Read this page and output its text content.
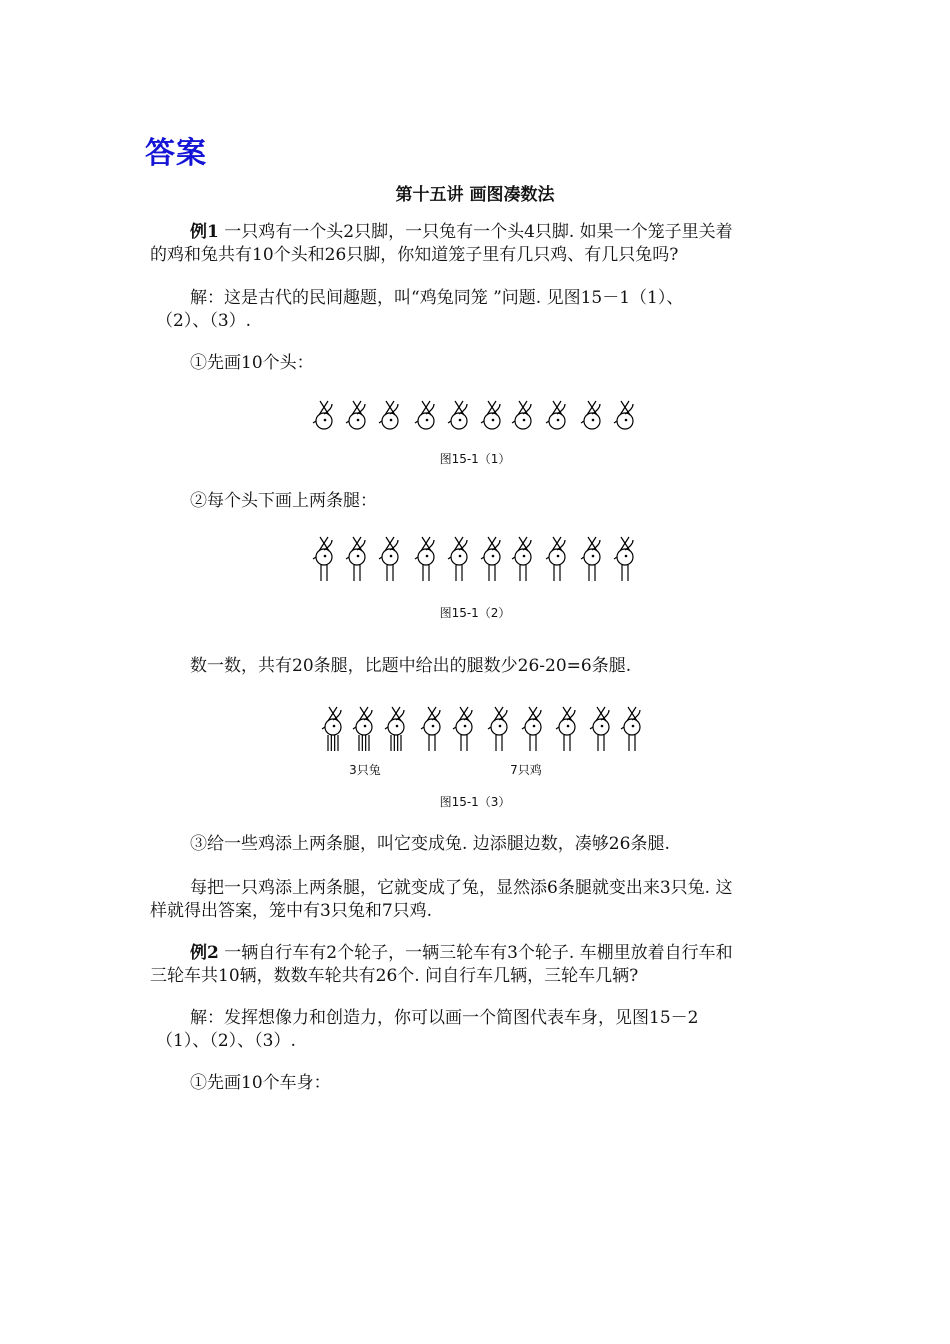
答案
第十五讲 画图凑数法
例1 一只鸡有一个头2只脚，一只兔有一个头4只脚. 如果一个笼子里关着
的鸡和兔共有10个头和26只脚，你知道笼子里有几只鸡、有几只兔吗?
解：这是古代的民间趣题，叫“鸡兔同笼 ”问题. 见图15－1（1）、
（2）、（3）.
①先画10个头：
图15-1（1）
②每个头下画上两条腿：
图15-1（2）
数一数，共有20条腿，比题中给出的腿数少26-20=6条腿.
3只兔	7只鸡
图15-1（3）
③给一些鸡添上两条腿，叫它变成兔. 边添腿边数，凑够26条腿.
每把一只鸡添上两条腿，它就变成了兔，显然添6条腿就变出来3只兔. 这
样就得出答案，笼中有3只兔和7只鸡.
例2 一辆自行车有2个轮子，一辆三轮车有3个轮子. 车棚里放着自行车和
三轮车共10辆，数数车轮共有26个. 问自行车几辆，三轮车几辆?
解：发挥想像力和创造力，你可以画一个简图代表车身，见图15－2
（1）、（2）、（3）.
①先画10个车身：
